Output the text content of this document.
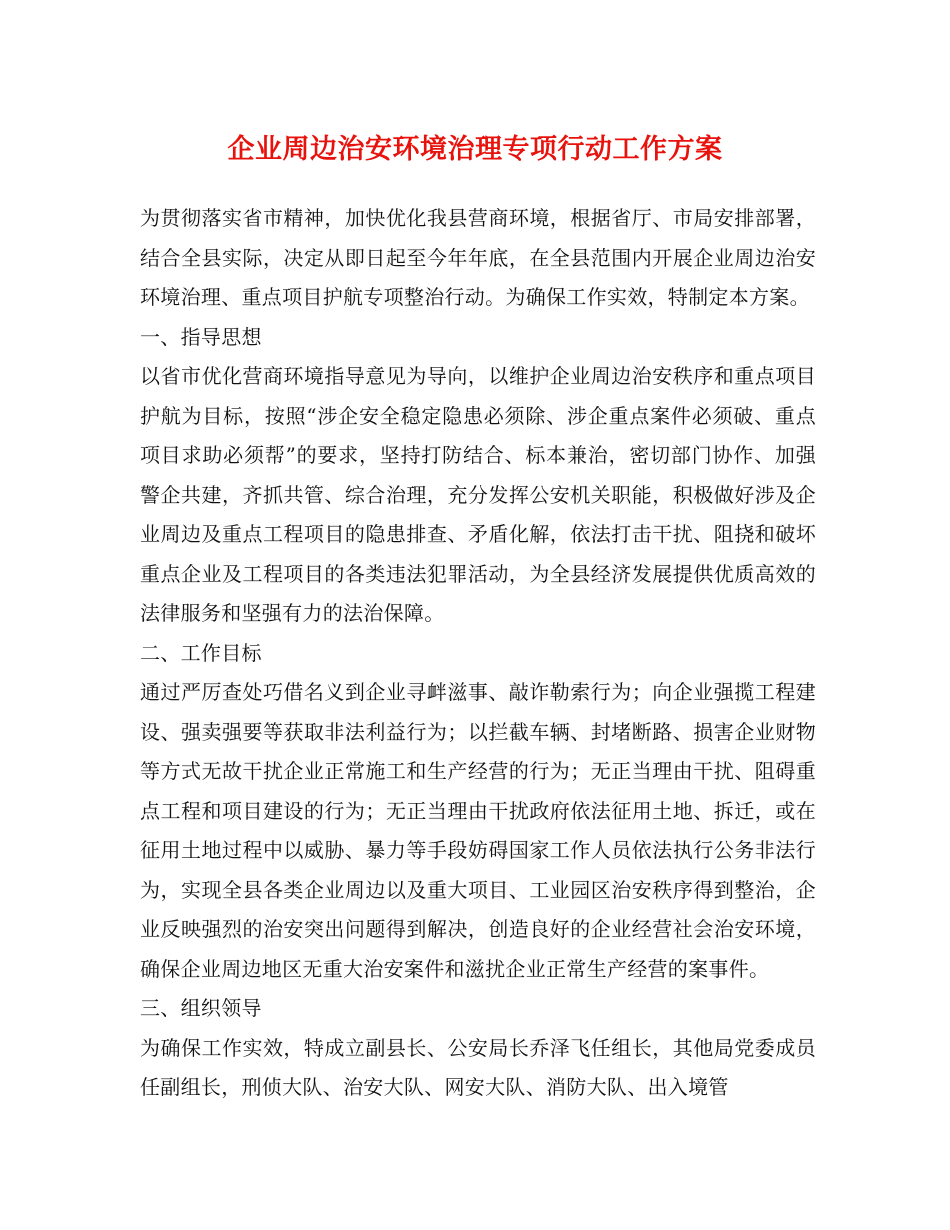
企业周边治安环境治理专项行动工作方案

为贯彻落实省市精神，加快优化我县营商环境，根据省厅、市局安排部署，结合全县实际，决定从即日起至今年年底，在全县范围内开展企业周边治安环境治理、重点项目护航专项整治行动。为确保工作实效，特制定本方案。

一、指导思想

以省市优化营商环境指导意见为导向，以维护企业周边治安秩序和重点项目护航为目标，按照“涉企安全稳定隐患必须除、涉企重点案件必须破、重点项目求助必须帮”的要求，坚持打防结合、标本兼治，密切部门协作、加强警企共建，齐抓共管、综合治理，充分发挥公安机关职能，积极做好涉及企业周边及重点工程项目的隐患排查、矛盾化解，依法打击干扰、阻挠和破坏重点企业及工程项目的各类违法犯罪活动，为全县经济发展提供优质高效的法律服务和坚强有力的法治保障。

二、工作目标

通过严厉查处巧借名义到企业寻衅滋事、敲诈勒索行为；向企业强揽工程建设、强卖强要等获取非法利益行为；以拦截车辆、封堵断路、损害企业财物等方式无故干扰企业正常施工和生产经营的行为；无正当理由干扰、阻碍重点工程和项目建设的行为；无正当理由干扰政府依法征用土地、拆迁，或在征用土地过程中以威胁、暴力等手段妨碍国家工作人员依法执行公务非法行为，实现全县各类企业周边以及重大项目、工业园区治安秩序得到整治，企业反映强烈的治安突出问题得到解决，创造良好的企业经营社会治安环境，确保企业周边地区无重大治安案件和滋扰企业正常生产经营的案事件。

三、组织领导

为确保工作实效，特成立副县长、公安局长乔泽飞任组长，其他局党委成员任副组长，刑侦大队、治安大队、网安大队、消防大队、出入境管
